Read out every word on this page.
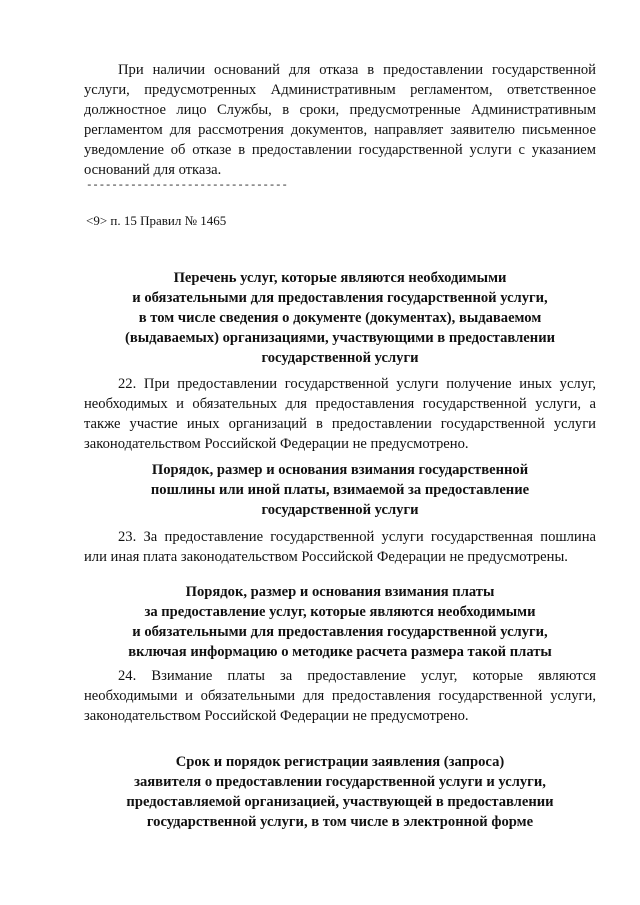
При наличии оснований для отказа в предоставлении государственной услуги, предусмотренных Административным регламентом, ответственное должностное лицо Службы, в сроки, предусмотренные Административным регламентом для рассмотрения документов, направляет заявителю письменное уведомление об отказе в предоставлении государственной услуги с указанием оснований для отказа.

--------------------------------
<9> п. 15 Правил № 1465
Перечень услуг, которые являются необходимыми
и обязательными для предоставления государственной услуги,
в том числе сведения о документе (документах), выдаваемом
(выдаваемых) организациями, участвующими в предоставлении
государственной услуги

22. При предоставлении государственной услуги получение иных услуг, необходимых и обязательных для предоставления государственной услуги, а также участие иных организаций в предоставлении государственной услуги законодательством Российской Федерации не предусмотрено.

Порядок, размер и основания взимания государственной
пошлины или иной платы, взимаемой за предоставление
государственной услуги

23. За предоставление государственной услуги государственная пошлина или иная плата законодательством Российской Федерации не предусмотрены.

Порядок, размер и основания взимания платы
за предоставление услуг, которые являются необходимыми
и обязательными для предоставления государственной услуги,
включая информацию о методике расчета размера такой платы

24. Взимание платы за предоставление услуг, которые являются необходимыми и обязательными для предоставления государственной услуги, законодательством Российской Федерации не предусмотрено.

Срок и порядок регистрации заявления (запроса)
заявителя о предоставлении государственной услуги и услуги,
предоставляемой организацией, участвующей в предоставлении
государственной услуги, в том числе в электронной форме
